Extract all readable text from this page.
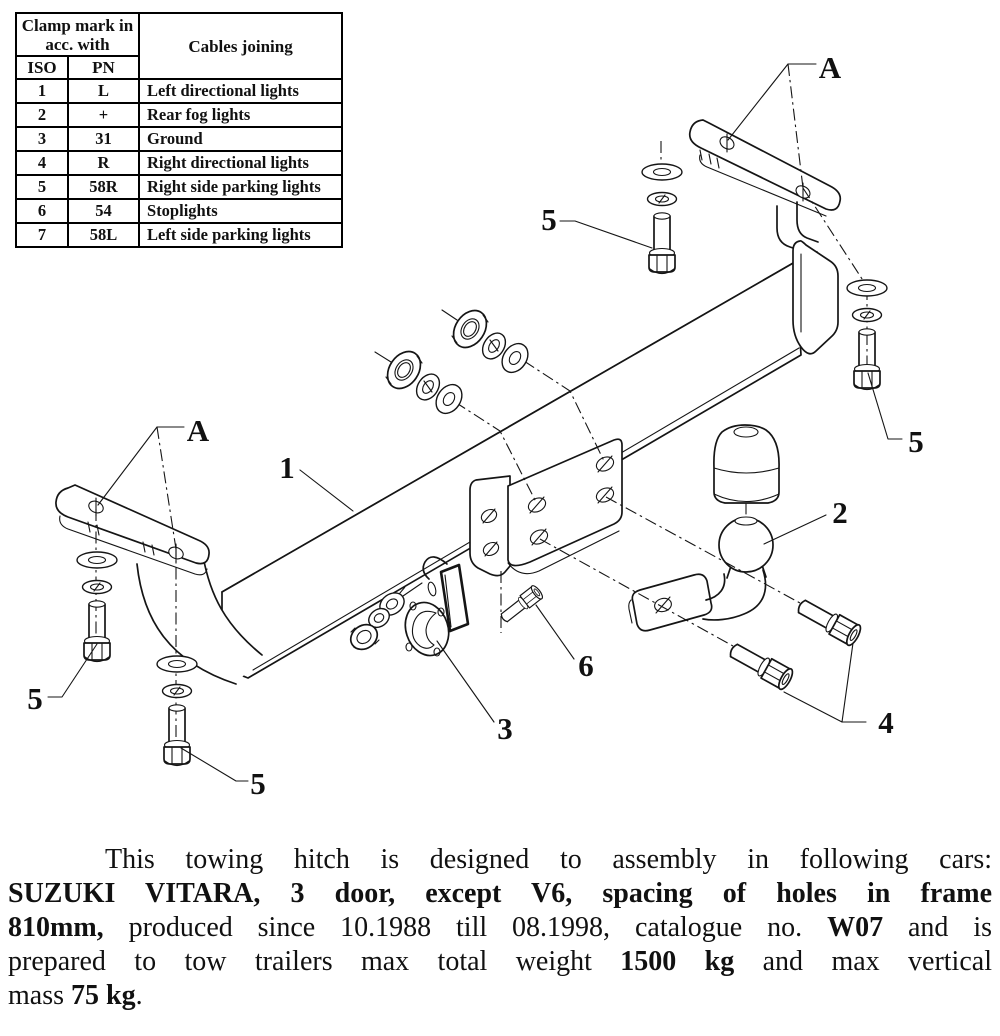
Clamp mark in acc. with		Cables joining
ISO	PN	
1	L	Left directional lights
2	+	Rear fog lights
3	31	Ground
4	R	Right directional lights
5	58R	Right side parking lights
6	54	Stoplights
7	58L	Left side parking lights
A
A
1
2
3	4
5
5
5
5
6
This towing hitch is designed to assembly in following cars:
SUZUKI VITARA, 3 door, except V6, spacing of holes in frame
810mm, produced since 10.1988 till 08.1998, catalogue no. W07 and is
prepared to tow trailers max total weight 1500 kg and max vertical
mass 75 kg.
